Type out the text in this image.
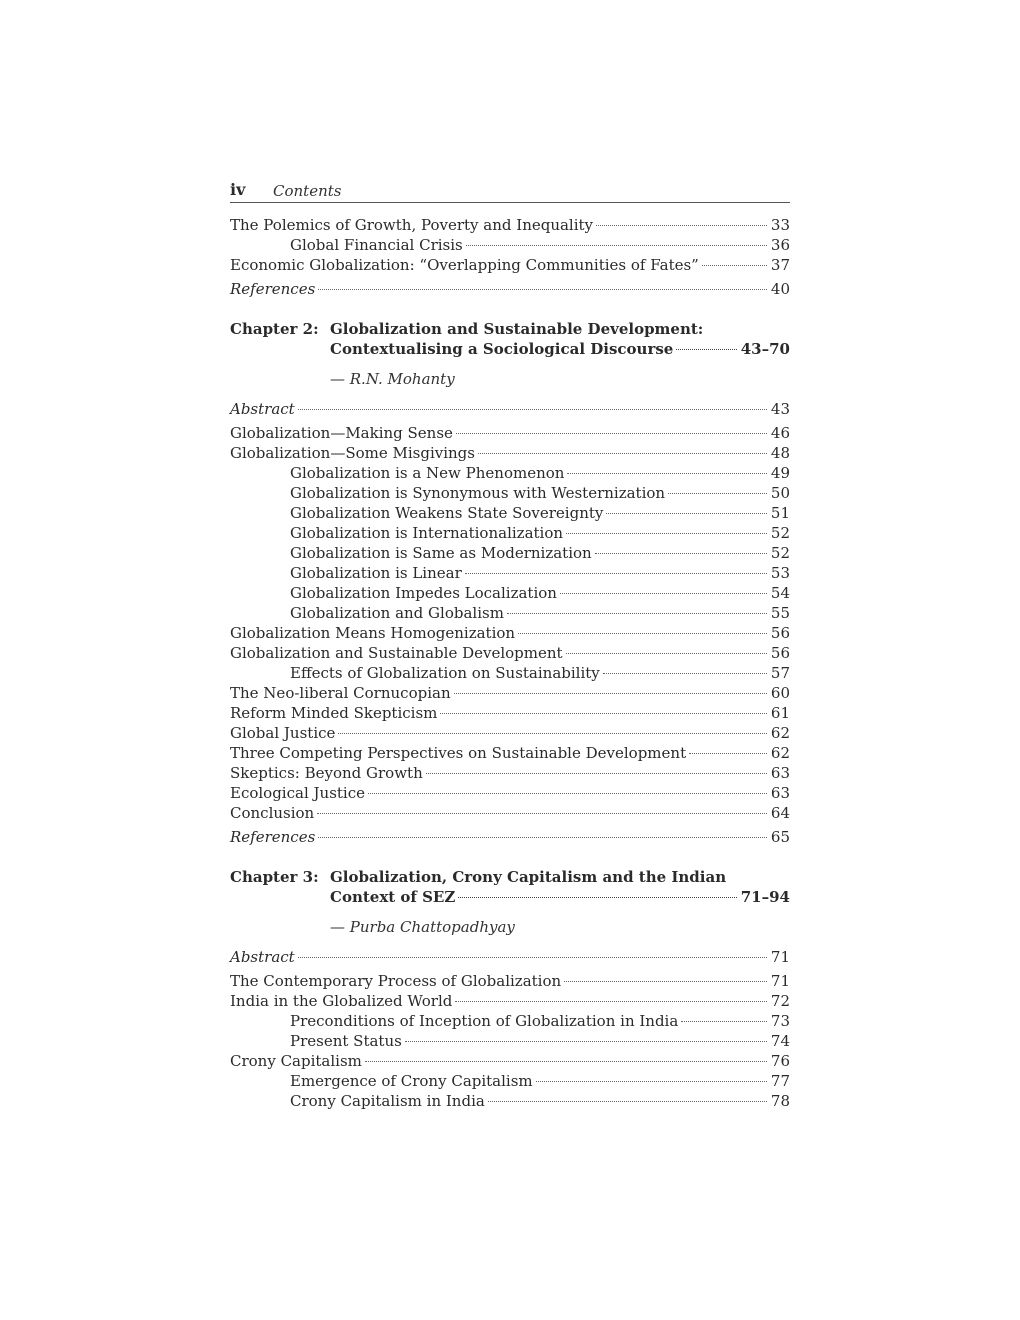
iv Contents
The Polemics of Growth, Poverty and Inequality	33
Global Financial Crisis	36
Economic Globalization: “Overlapping Communities of Fates”	37
References	40
Chapter 2: Globalization and Sustainable Development:
Contextualising a Sociological Discourse	43–70
— R.N. Mohanty
Abstract	43
Globalization—Making Sense	46
Globalization—Some Misgivings	48
Globalization is a New Phenomenon	49
Globalization is Synonymous with Westernization	50
Globalization Weakens State Sovereignty	51
Globalization is Internationalization	52
Globalization is Same as Modernization	52
Globalization is Linear	53
Globalization Impedes Localization	54
Globalization and Globalism	55
Globalization Means Homogenization	56
Globalization and Sustainable Development	56
Effects of Globalization on Sustainability	57
The Neo-liberal Cornucopian	60
Reform Minded Skepticism	61
Global Justice	62
Three Competing Perspectives on Sustainable Development	62
Skeptics: Beyond Growth	63
Ecological Justice	63
Conclusion	64
References	65
Chapter 3: Globalization, Crony Capitalism and the Indian
Context of SEZ	71–94
— Purba Chattopadhyay
Abstract	71
The Contemporary Process of Globalization	71
India in the Globalized World	72
Preconditions of Inception of Globalization in India	73
Present Status	74
Crony Capitalism	76
Emergence of Crony Capitalism	77
Crony Capitalism in India	78
